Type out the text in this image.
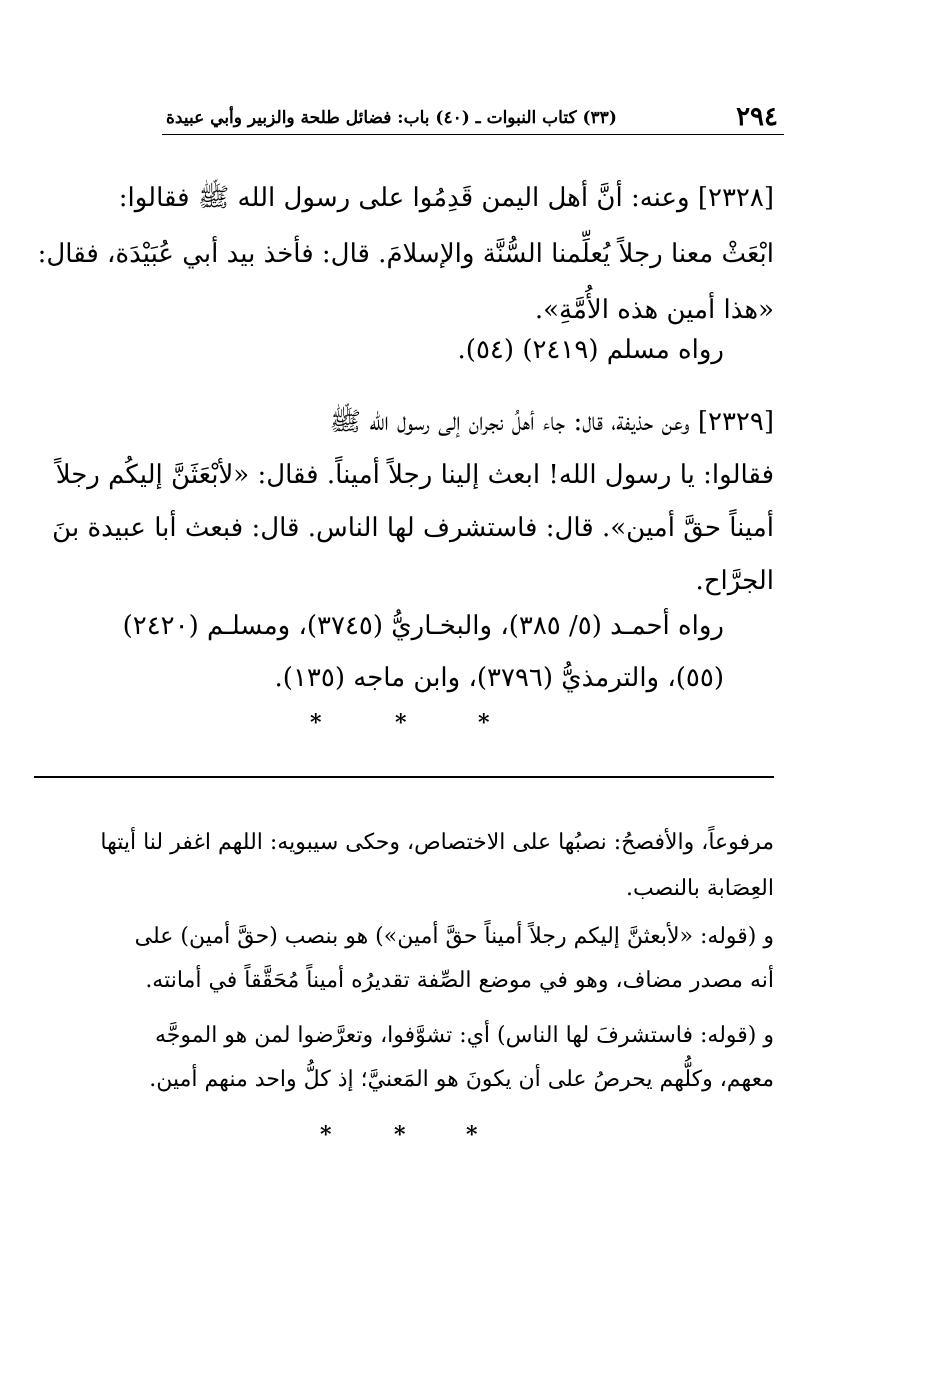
٢٩٤
(٣٣) كتاب النبوات ـ (٤٠) باب: فضائل طلحة والزبير وأبي عبيدة
[٢٣٢٨] وعنه: أنَّ أهل اليمن قَدِمُوا على رسول الله ﷺ فقالوا:
ابْعَثْ معنا رجلاً يُعلِّمنا السُّنَّة والإسلامَ. قال: فأخذ بيد أبي عُبَيْدَة، فقال:
«هذا أمين هذه الأُمَّةِ».
رواه مسلم (٢٤١٩) (٥٤).
[٢٣٢٩] وعن حذيفة، قال: جاء أهلُ نجران إلى رسول الله ﷺ
فقالوا: يا رسول الله! ابعث إلينا رجلاً أميناً. فقال: «لأبْعَثَنَّ إليكُم رجلاً
أميناً حقَّ أمين». قال: فاستشرف لها الناس. قال: فبعث أبا عبيدة بنَ
الجرَّاح.
رواه أحمـد (٥/ ٣٨٥)، والبخـاريُّ (٣٧٤٥)، ومسلـم (٢٤٢٠)
(٥٥)، والترمذيُّ (٣٧٩٦)، وابن ماجه (١٣٥).
*	*	*
مرفوعاً، والأفصحُ: نصبُها على الاختصاص، وحكى سيبويه: اللهم اغفر لنا أيتها
العِصَابة بالنصب.
و (قوله: «لأبعثنَّ إليكم رجلاً أميناً حقَّ أمين») هو بنصب (حقَّ أمين) على
أنه مصدر مضاف، وهو في موضع الصِّفة تقديرُه أميناً مُحَقَّقاً في أمانته.
و (قوله: فاستشرفَ لها الناس) أي: تشوَّفوا، وتعرَّضوا لمن هو الموجَّه
معهم، وكلُّهم يحرصُ على أن يكونَ هو المَعنيَّ؛ إذ كلُّ واحد منهم أمين.
*	*	*
